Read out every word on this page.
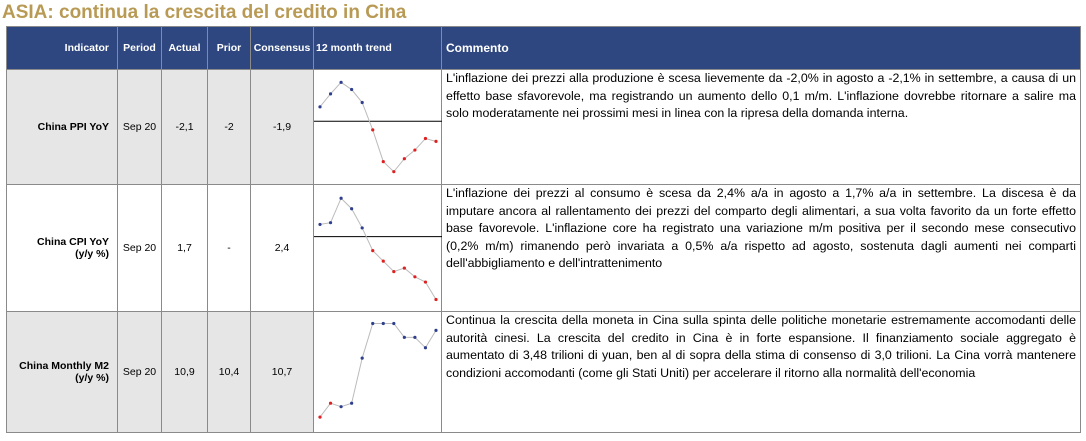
ASIA: continua la crescita del credito in Cina
Indicator	Period	Actual	Prior	Consensus	12 month trend	Commento
China PPI YoY	Sep 20	-2,1	-2	-1,9		L'inflazione dei prezzi alla produzione è scesa lievemente da -2,0% in agosto a -2,1% in settembre, a causa di un effetto base sfavorevole, ma registrando un aumento dello 0,1 m/m. L'inflazione dovrebbe ritornare a salire ma solo moderatamente nei prossimi mesi in linea con la ripresa della domanda interna.

China CPI YoY
(y/y %)	Sep 20	1,7	-	2,4		L'inflazione dei prezzi al consumo è scesa da 2,4% a/a in agosto a 1,7% a/a in settembre. La discesa è da imputare ancora al rallentamento dei prezzi del comparto degli alimentari, a sua volta favorito da un forte effetto base favorevole. L'inflazione core ha registrato una variazione m/m positiva per il secondo mese consecutivo (0,2% m/m) rimanendo però invariata a 0,5% a/a rispetto ad agosto, sostenuta dagli aumenti nei comparti dell'abbigliamento e dell'intrattenimento

China Monthly M2
(y/y %)	Sep 20	10,9	10,4	10,7		Continua la crescita della moneta in Cina sulla spinta delle politiche monetarie estremamente accomodanti delle autorità cinesi. La crescita del credito in Cina è in forte espansione. Il finanziamento sociale aggregato è aumentato di 3,48 trilioni di yuan, ben al di sopra della stima di consenso di 3,0 trilioni. La Cina vorrà mantenere condizioni accomodanti (come gli Stati Uniti) per accelerare il ritorno alla normalità dell'economia
